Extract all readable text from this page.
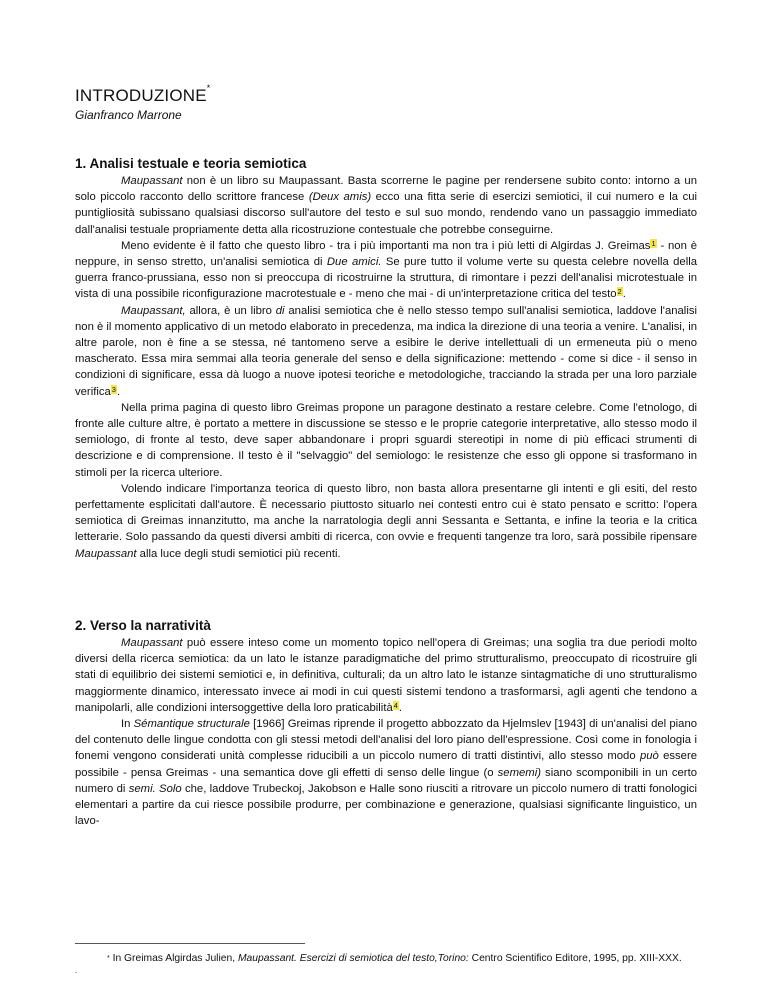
INTRODUZIONE*
Gianfranco Marrone
1. Analisi testuale e teoria semiotica

Maupassant non è un libro su Maupassant. Basta scorrerne le pagine per rendersene subito conto: intorno a un solo piccolo racconto dello scrittore francese (Deux amis) ecco una fitta serie di esercizi semiotici, il cui numero e la cui puntigliosità subissano qualsiasi discorso sull'autore del testo e sul suo mondo, rendendo vano un passaggio immediato dall'analisi testuale propriamente detta alla ricostruzione contestuale che potrebbe conseguirne.

Meno evidente è il fatto che questo libro - tra i più importanti ma non tra i più letti di Algirdas J. Greimas$^1$ - non è neppure, in senso stretto, un'analisi semiotica di Due amici. Se pure tutto il volume verte su questa celebre novella della guerra franco-prussiana, esso non si preoccupa di ricostruirne la struttura, di rimontare i pezzi dell'analisi microtestuale in vista di una possibile riconfigurazione macrotestuale e - meno che mai - di un'interpretazione critica del testo$^2$.

Maupassant, allora, è un libro di analisi semiotica che è nello stesso tempo sull'analisi semiotica, laddove l'analisi non è il momento applicativo di un metodo elaborato in precedenza, ma indica la direzione di una teoria a venire. L'analisi, in altre parole, non è fine a se stessa, né tantomeno serve a esibire le derive intellettuali di un ermeneuta più o meno mascherato. Essa mira semmai alla teoria generale del senso e della significazione: mettendo - come si dice - il senso in condizioni di significare, essa dà luogo a nuove ipotesi teoriche e metodologiche, tracciando la strada per una loro parziale verifica$^3$.

Nella prima pagina di questo libro Greimas propone un paragone destinato a restare celebre. Come l'etnologo, di fronte alle culture altre, è portato a mettere in discussione se stesso e le proprie categorie interpretative, allo stesso modo il semiologo, di fronte al testo, deve saper abbandonare i propri sguardi stereotipi in nome di più efficaci strumenti di descrizione e di comprensione. Il testo è il "selvaggio" del semiologo: le resistenze che esso gli oppone si trasformano in stimoli per la ricerca ulteriore.

Volendo indicare l'importanza teorica di questo libro, non basta allora presentarne gli intenti e gli esiti, del resto perfettamente esplicitati dall'autore. È necessario piuttosto situarlo nei contesti entro cui è stato pensato e scritto: l'opera semiotica di Greimas innanzitutto, ma anche la narratologia degli anni Sessanta e Settanta, e infine la teoria e la critica letterarie. Solo passando da questi diversi ambiti di ricerca, con ovvie e frequenti tangenze tra loro, sarà possibile ripensare Maupassant alla luce degli studi semiotici più recenti.

2. Verso la narratività

Maupassant può essere inteso come un momento topico nell'opera di Greimas; una soglia tra due periodi molto diversi della ricerca semiotica: da un lato le istanze paradigmatiche del primo strutturalismo, preoccupato di ricostruire gli stati di equilibrio dei sistemi semiotici e, in definitiva, culturali; da un altro lato le istanze sintagmatiche di uno strutturalismo maggiormente dinamico, interessato invece ai modi in cui questi sistemi tendono a trasformarsi, agli agenti che tendono a manipolarli, alle condizioni intersoggettive della loro praticabilità$^4$.

In Sémantique structurale [1966] Greimas riprende il progetto abbozzato da Hjelmslev [1943] di un'analisi del piano del contenuto delle lingue condotta con gli stessi metodi dell'analisi del loro piano dell'espressione. Così come in fonologia i fonemi vengono considerati unità complesse riducibili a un piccolo numero di tratti distintivi, allo stesso modo può essere possibile - pensa Greimas - una semantica dove gli effetti di senso delle lingue (o sememi) siano scomponibili in un certo numero di semi. Solo che, laddove Trubeckoj, Jakobson e Halle sono riusciti a ritrovare un piccolo numero di tratti fonologici elementari a partire da cui riesce possibile produrre, per combinazione e generazione, qualsiasi significante linguistico, un lavo-

* In Greimas Algirdas Julien, Maupassant. Esercizi di semiotica del testo,Torino: Centro Scientifico Editore, 1995, pp. XIII-XXX.

.
